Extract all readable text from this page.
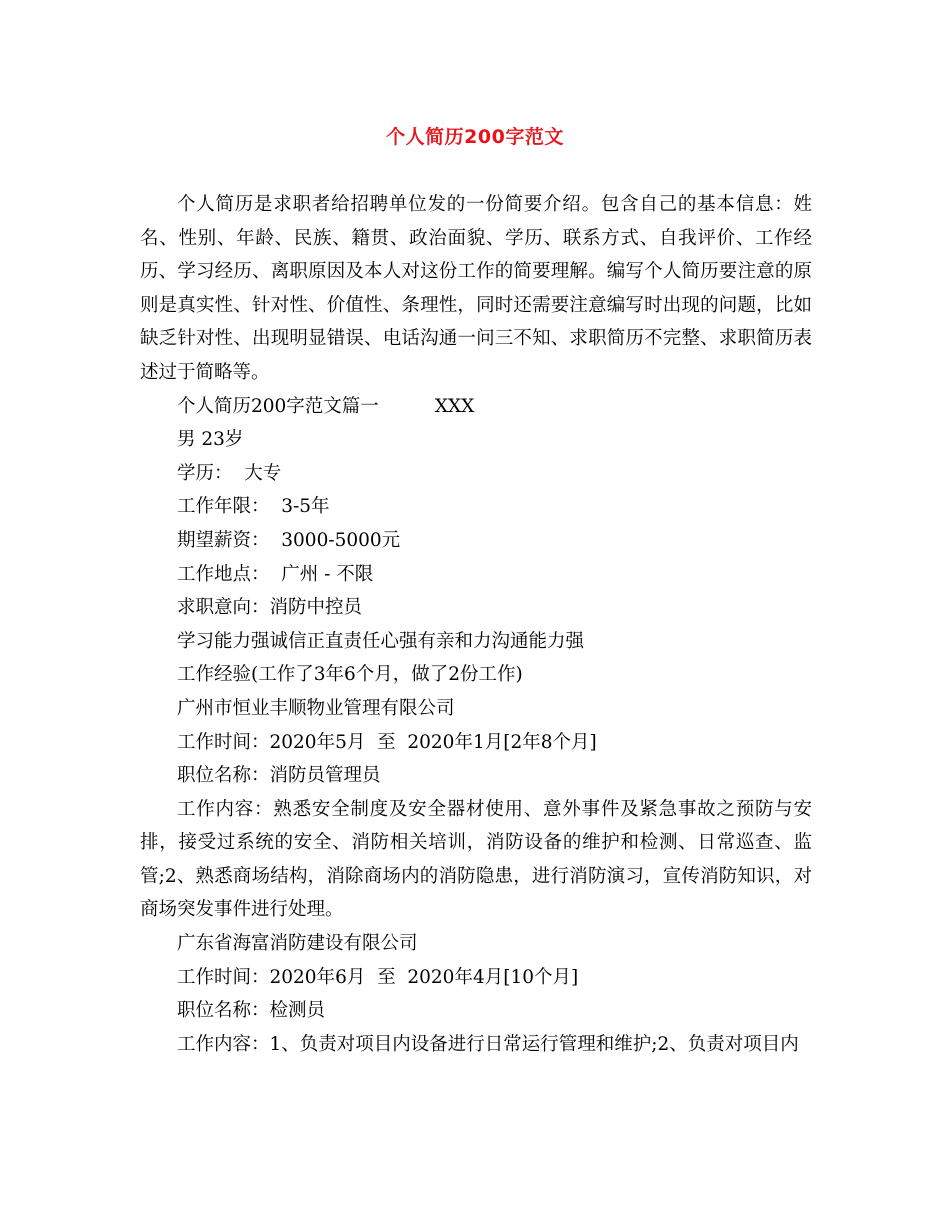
个人简历200字范文

个人简历是求职者给招聘单位发的一份简要介绍。包含自己的基本信息：姓名、性别、年龄、民族、籍贯、政治面貌、学历、联系方式、自我评价、工作经历、学习经历、离职原因及本人对这份工作的简要理解。编写个人简历要注意的原则是真实性、针对性、价值性、条理性，同时还需要注意编写时出现的问题，比如缺乏针对性、出现明显错误、电话沟通一问三不知、求职简历不完整、求职简历表述过于简略等。

个人简历200字范文篇一	XXX
男 23岁
学历：  大专
工作年限：  3-5年
期望薪资：  3000-5000元
工作地点：  广州 - 不限
求职意向：消防中控员
学习能力强诚信正直责任心强有亲和力沟通能力强
工作经验(工作了3年6个月，做了2份工作)
广州市恒业丰顺物业管理有限公司
工作时间：2020年5月  至  2020年1月[2年8个月]
职位名称：消防员管理员

工作内容：熟悉安全制度及安全器材使用、意外事件及紧急事故之预防与安排，接受过系统的安全、消防相关培训，消防设备的维护和检测、日常巡查、监管;2、熟悉商场结构，消除商场内的消防隐患，进行消防演习，宣传消防知识，对商场突发事件进行处理。

广东省海富消防建设有限公司
工作时间：2020年6月  至  2020年4月[10个月]
职位名称：检测员

工作内容：1、负责对项目内设备进行日常运行管理和维护;2、负责对项目内
